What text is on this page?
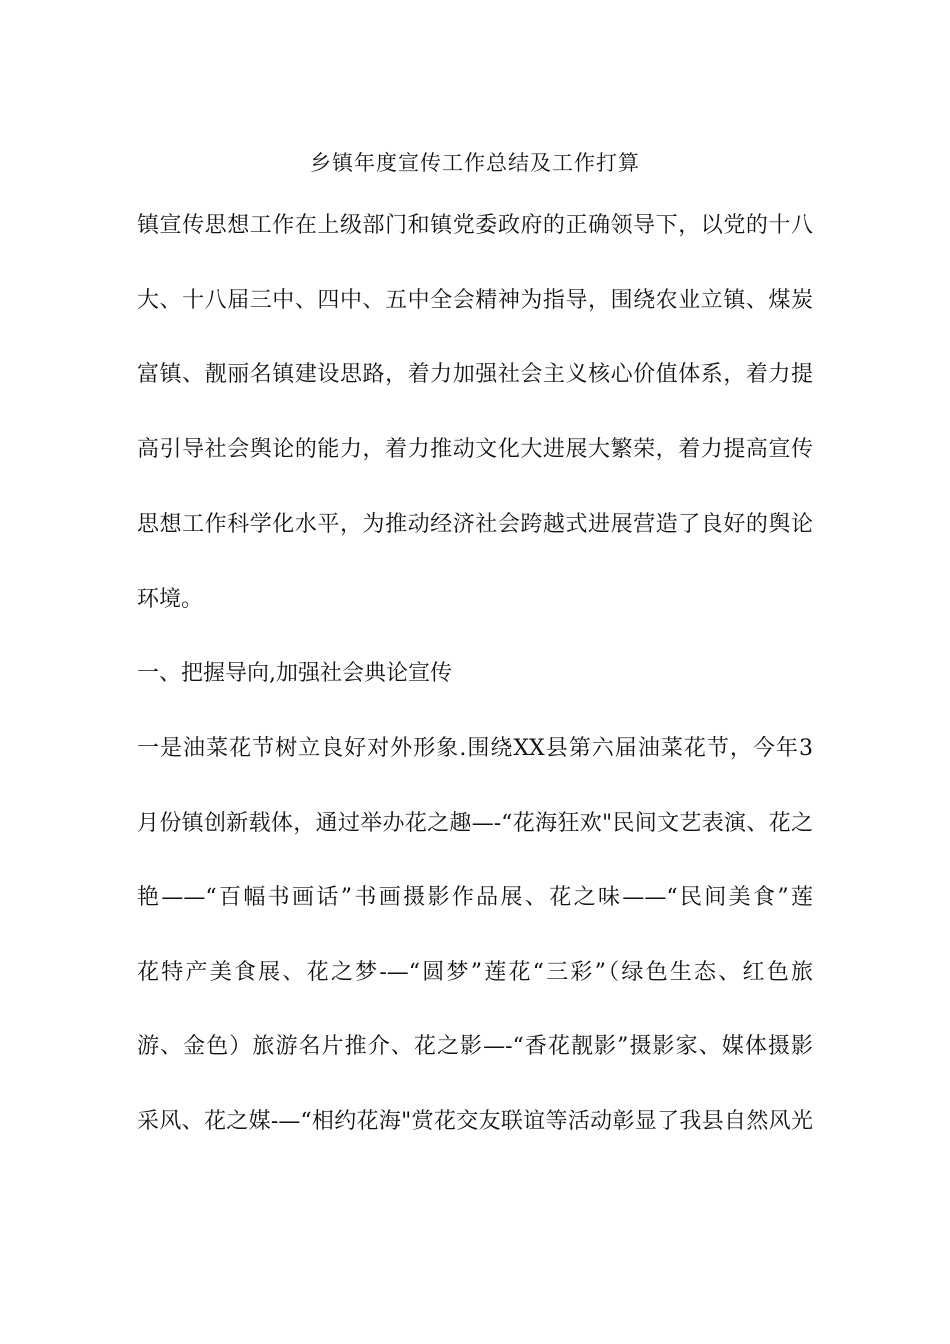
乡镇年度宣传工作总结及工作打算
镇宣传思想工作在上级部门和镇党委政府的正确领导下，以党的十八
大、十八届三中、四中、五中全会精神为指导，围绕农业立镇、煤炭
富镇、靓丽名镇建设思路，着力加强社会主义核心价值体系，着力提
高引导社会舆论的能力，着力推动文化大进展大繁荣，着力提高宣传
思想工作科学化水平，为推动经济社会跨越式进展营造了良好的舆论
环境。
一、把握导向,加强社会典论宣传
一是油菜花节树立良好对外形象.围绕XX县第六届油菜花节，今年3
月份镇创新载体，通过举办花之趣—-“花海狂欢"民间文艺表演、花之
艳——“百幅书画话”书画摄影作品展、花之味——“民间美食”莲
花特产美食展、花之梦-—“圆梦”莲花“三彩”（绿色生态、红色旅
游、金色）旅游名片推介、花之影—-“香花靓影”摄影家、媒体摄影
采风、花之媒-—“相约花海"赏花交友联谊等活动彰显了我县自然风光
